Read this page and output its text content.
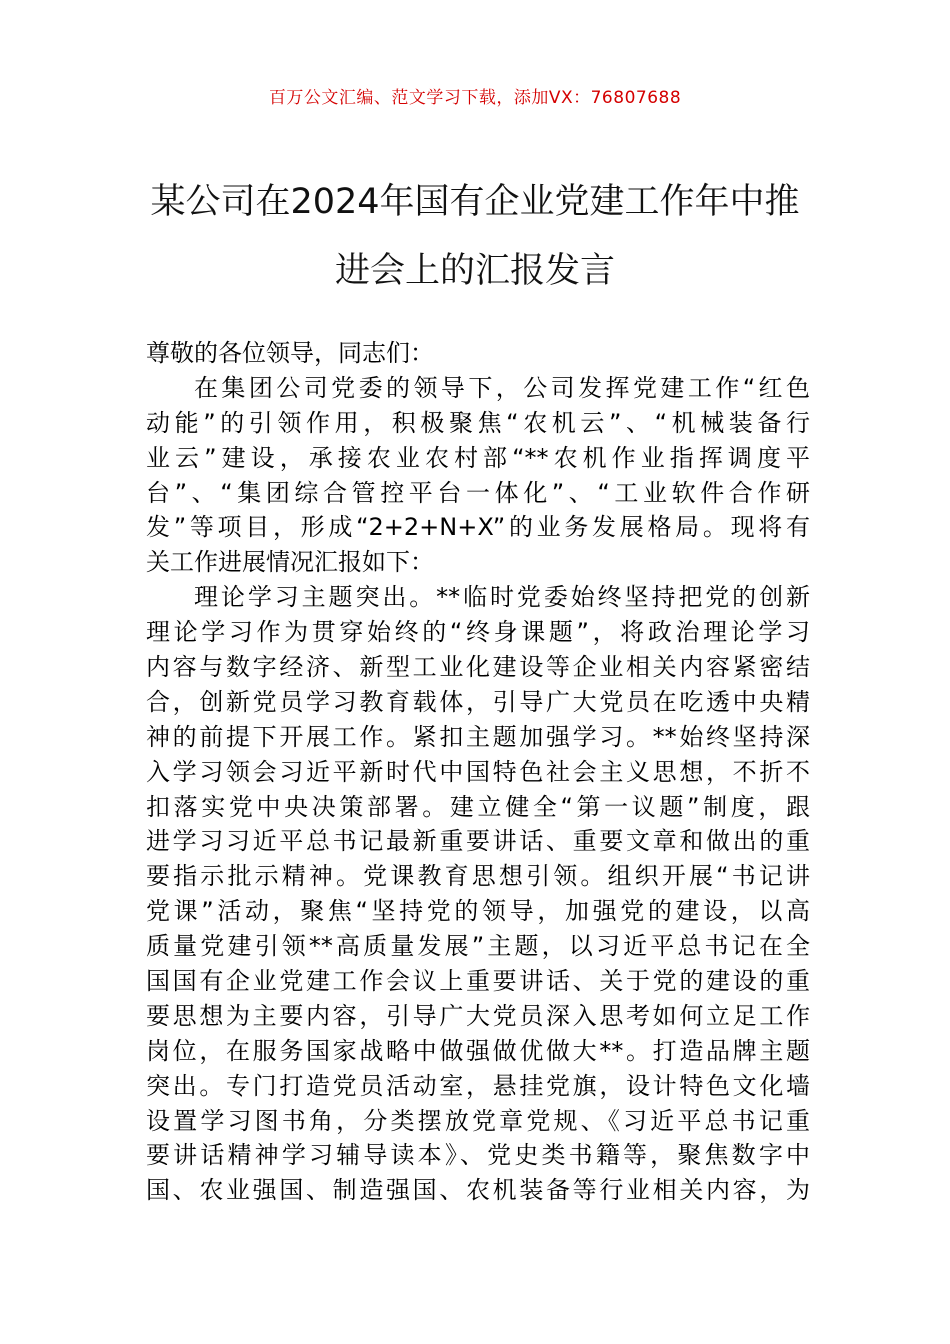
百万公文汇编、范文学习下载，添加VX：76807688
某公司在2024年国有企业党建工作年中推
进会上的汇报发言
尊敬的各位领导，同志们：
在集团公司党委的领导下，公司发挥党建工作“红色
动能”的引领作用，积极聚焦“农机云”、“机械装备行
业云”建设，承接农业农村部“**农机作业指挥调度平
台”、“集团综合管控平台一体化”、“工业软件合作研
发”等项目，形成“2+2+N+X”的业务发展格局。现将有
关工作进展情况汇报如下：
理论学习主题突出。**临时党委始终坚持把党的创新
理论学习作为贯穿始终的“终身课题”，将政治理论学习
内容与数字经济、新型工业化建设等企业相关内容紧密结
合，创新党员学习教育载体，引导广大党员在吃透中央精
神的前提下开展工作。紧扣主题加强学习。**始终坚持深
入学习领会习近平新时代中国特色社会主义思想，不折不
扣落实党中央决策部署。建立健全“第一议题”制度，跟
进学习习近平总书记最新重要讲话、重要文章和做出的重
要指示批示精神。党课教育思想引领。组织开展“书记讲
党课”活动，聚焦“坚持党的领导，加强党的建设，以高
质量党建引领**高质量发展”主题，以习近平总书记在全
国国有企业党建工作会议上重要讲话、关于党的建设的重
要思想为主要内容，引导广大党员深入思考如何立足工作
岗位，在服务国家战略中做强做优做大**。打造品牌主题
突出。专门打造党员活动室，悬挂党旗，设计特色文化墙
设置学习图书角，分类摆放党章党规、《习近平总书记重
要讲话精神学习辅导读本》、党史类书籍等，聚焦数字中
国、农业强国、制造强国、农机装备等行业相关内容，为
